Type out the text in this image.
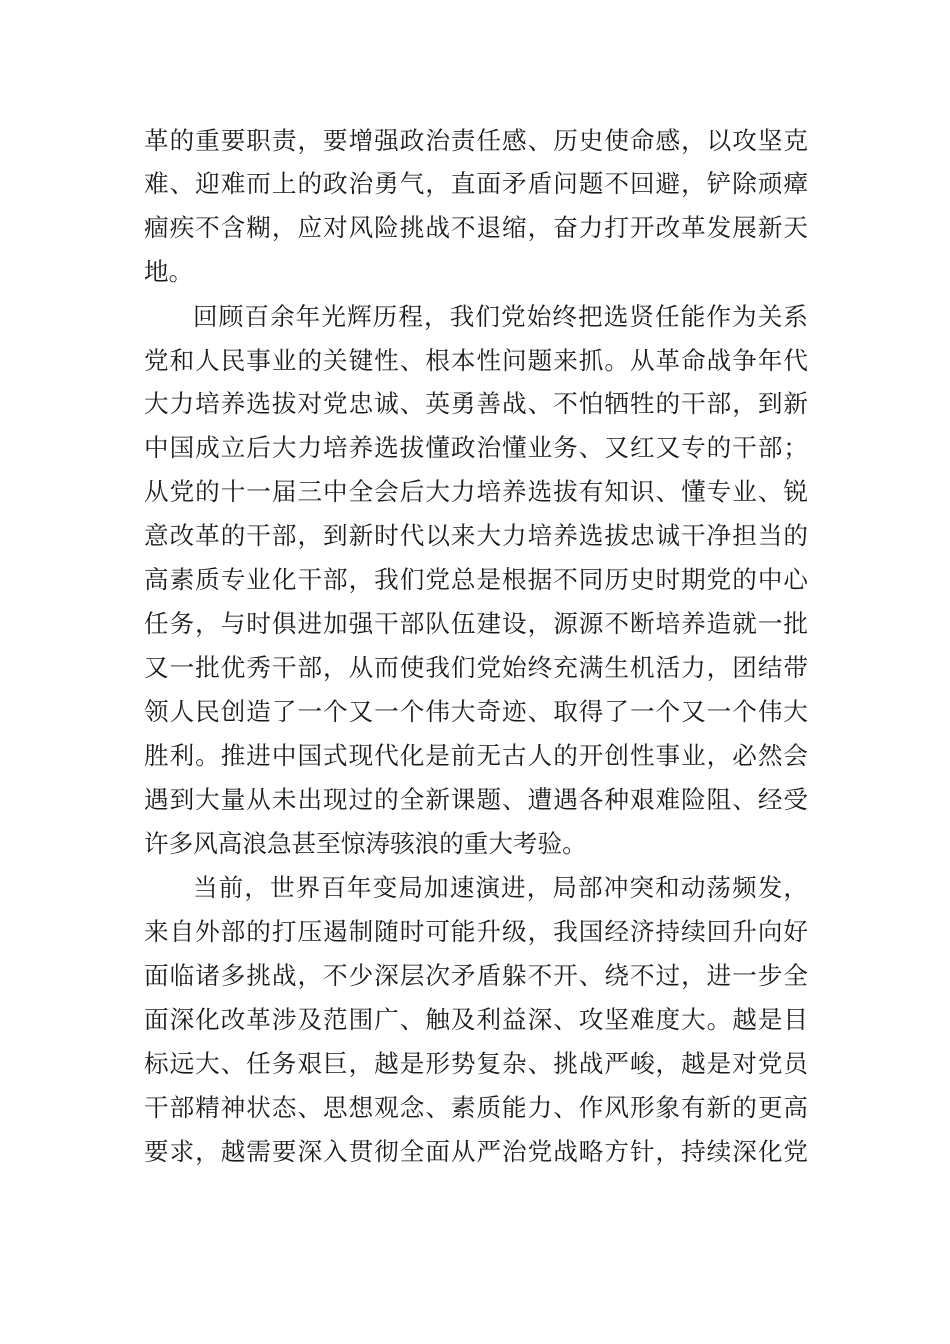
革的重要职责，要增强政治责任感、历史使命感，以攻坚克
难、迎难而上的政治勇气，直面矛盾问题不回避，铲除顽瘴
痼疾不含糊，应对风险挑战不退缩，奋力打开改革发展新天
地。
回顾百余年光辉历程，我们党始终把选贤任能作为关系
党和人民事业的关键性、根本性问题来抓。从革命战争年代
大力培养选拔对党忠诚、英勇善战、不怕牺牲的干部，到新
中国成立后大力培养选拔懂政治懂业务、又红又专的干部；
从党的十一届三中全会后大力培养选拔有知识、懂专业、锐
意改革的干部，到新时代以来大力培养选拔忠诚干净担当的
高素质专业化干部，我们党总是根据不同历史时期党的中心
任务，与时俱进加强干部队伍建设，源源不断培养造就一批
又一批优秀干部，从而使我们党始终充满生机活力，团结带
领人民创造了一个又一个伟大奇迹、取得了一个又一个伟大
胜利。推进中国式现代化是前无古人的开创性事业，必然会
遇到大量从未出现过的全新课题、遭遇各种艰难险阻、经受
许多风高浪急甚至惊涛骇浪的重大考验。
当前，世界百年变局加速演进，局部冲突和动荡频发，
来自外部的打压遏制随时可能升级，我国经济持续回升向好
面临诸多挑战，不少深层次矛盾躲不开、绕不过，进一步全
面深化改革涉及范围广、触及利益深、攻坚难度大。越是目
标远大、任务艰巨，越是形势复杂、挑战严峻，越是对党员
干部精神状态、思想观念、素质能力、作风形象有新的更高
要求，越需要深入贯彻全面从严治党战略方针，持续深化党
